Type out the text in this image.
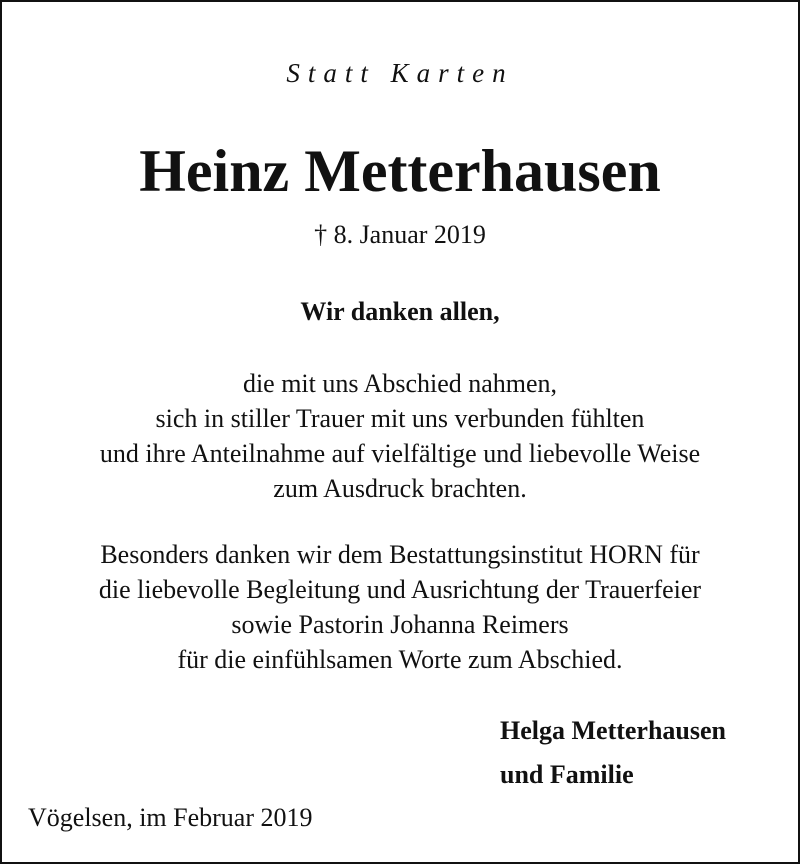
Statt Karten
Heinz Metterhausen
† 8. Januar 2019
Wir danken allen,
die mit uns Abschied nahmen,
sich in stiller Trauer mit uns verbunden fühlten
und ihre Anteilnahme auf vielfältige und liebevolle Weise
zum Ausdruck brachten.
Besonders danken wir dem Bestattungsinstitut HORN für
die liebevolle Begleitung und Ausrichtung der Trauerfeier
sowie Pastorin Johanna Reimers
für die einfühlsamen Worte zum Abschied.
Helga Metterhausen
und Familie
Vögelsen, im Februar 2019
